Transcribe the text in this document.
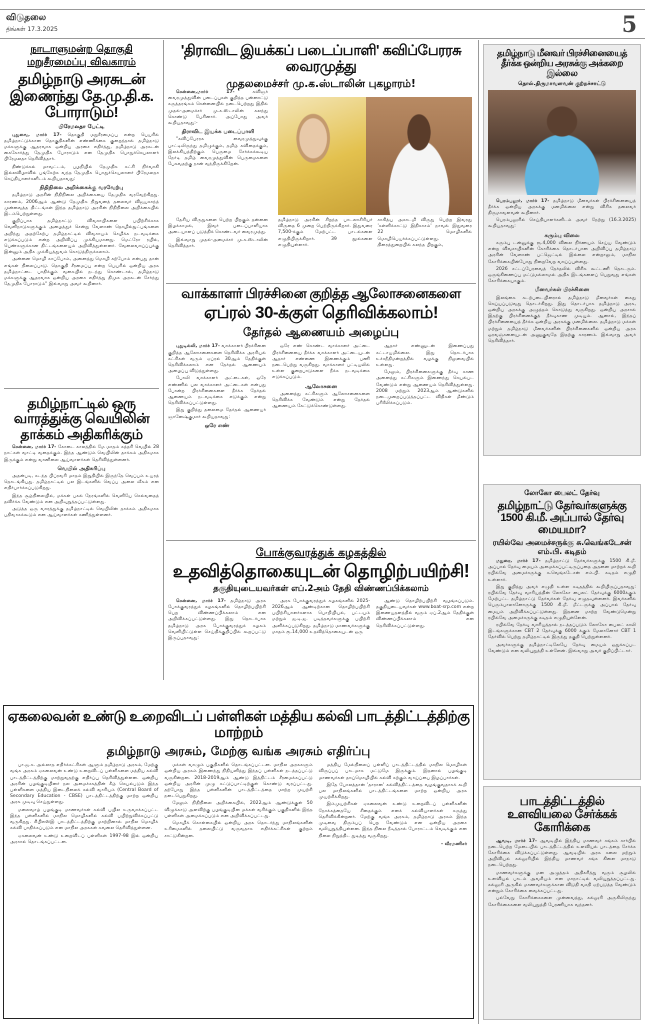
விடுதலை
திங்கள் 17.3.2025	5
நாடாளுமன்ற தொகுதி மறுசீரமைப்பு விவகாரம்
தமிழ்நாடு அரசுடன் இணைந்து தே.மு.தி.க. போராடும்!
பிரேமலதா பேட்டி

புதுவை, மார்ச் 17- தொகுதி மறுசீரமைப்பு என்ற பெயரில் தமிழ்நாட்டுக்கான தொகுதிகளின் எண்ணிக்கை குறைந்தால் தமிழ்நாடு மக்களுக்கு ஆதரவாக ஒன்றிய அரசை எதிர்த்து, தமிழ்நாடு அரசுடன் கைகோர்த்து தேமுதிக போராடும் என தேமுதிக பொதுச்செயலாளர் பிரேமலதா தெரிவித்தார்.

திண்டுக்கல் மாவட்டம், பழநியில் தேமுதிக கட்சி நிர்வாகி இல்லவிழாவில் பங்கேற்க வந்த தேமுதிக பொதுச்செயலாளர் பிரேமலதா செய்தியாளர்களிடம் கூறியதாவது:

நிதிநிலை அறிக்கைக்கு வரவேற்பு

தமிழ்நாடு அரசின் நிதிநிலை அறிக்கையை தேமுதிக வரவேற்கிறது. காரணம், 2006ஆம் ஆண்டு தேமுதிக நிறுவனத் தலைவர் விஜயகாந்த் முன்வைத்த திட்டங்கள் இந்த தமிழ்நாடு அரசின் நிதிநிலை அறிக்கையில் இடம்பெற்றுள்ளது.

குறிப்பாக தமிழ்நாட்டு விவசாயிகளை பயிற்சிக்காக வெளிநாடுகளுக்கும் அழைத்துச் சென்று வேளாண் தொழில்நுட்பங்களை அறிந்து அதற்கேற்ப தமிழ்நாட்டில் விவசாயம் செழிக்க நடவடிக்கை எடுக்கப்படும் என்ற அறிவிப்பு முக்கியமானது. மெட்ரோ ரயில், பெண்களுக்கான திட்டங்களையும் அறிவித்துள்ளனர். வேலைவாய்ப்புக்கு இன்னும் அதிக முக்கியத்துவம் கொடுத்திருக்கலாம்.

அன்னை மொழி காப்போம், அனைத்து மொழி கற்போம் என்பது தான் எங்கள் நிலைப்பாடு. தொகுதி சீரமைப்பு என்ற பெயரில் ஒன்றிய அரசு தமிழ்நாட்டை பாதிக்கும் வகையில் நடந்து கொண்டால், தமிழ்நாடு மக்களுக்கு ஆதரவாக ஒன்றிய அரசை எதிர்த்து திமுக அரசுடன் சேர்ந்து தேமுதிக போராடும்" இவ்வாறு அவர் கூறினார்.

தமிழ்நாட்டில் ஒரு வாரத்துக்கு வெயிலின் தாக்கம் அதிகரிக்கும்

சென்னை, மார்ச் 17- கோடை காலத்தில் மே மாதம் கத்தரி வெயில் 28 நாட்கள் வாட்டி வதைக்கும். இந்த ஆண்டும் வெயிலின் தாக்கம் அதிகமாக இருக்கும் என்று வானிலை ஆய்வாளர்கள் தெரிவித்துள்ளனர்.

வெயில் அதிகரிப்பு

அதன்படி, கடந்த பிப்ரவரி மாதம் இறுதியில் இருந்தே வெப்பம் உயரத் தொடங்கியது. தமிழ்நாட்டில் பல இடங்களில் வெப்ப அலை வீசும் என எதிர்பார்க்கப்படுகிறது.

இந்த சூழ்நிலையில், மக்கள் பகல் நேரங்களில் வெளியே செல்வதைத் தவிர்க்க வேண்டும் என அறிவுறுத்தப்பட்டுள்ளது.

அடுத்த ஒரு வாரத்துக்கு தமிழ்நாட்டில் வெயிலின் தாக்கம் அதிகமாக பதிவாகக்கூடும் என ஆய்வாளர்கள் கணித்துள்ளனர்.

'திராவிட இயக்கப் படைப்பாளி' கவிப்பேரரசு வைரமுத்து
முதலமைச்சர் மு.க.ஸ்டாலின் புகழாரம்!

சென்னை,மார்ச் 17-	கவிஞர் வைரமுத்துவின் படைப்புகள் குறித்த பன்னாட்டு கருத்தரங்கம் சென்னையில் நடைபெற்றது இதில் முதல்-அமைச்சர் மு.க.ஸ்டாலின் கலந்து கொண்டு பேசினார். அப்போது அவர் கூறியதாவது:-

திராவிட இயக்க படைப்பாளி

"கவிப்பேரரசு வைரமுத்துவுக்கு பாட்டிலிருந்து தமிழுக்கும், தமிழ் கவிதைக்கும், இலக்கியத்திற்கும் பெருமை சேர்க்கக்கூடிய நேர்டி தமிழ் வைரமுத்துவின் பெருமைகளை பேசுவதற்கு நான் வந்திருக்கிறேன்.

தமிழ்நாடு அரசின் சிறந்த பாடலாசிரியர் விருதை 6 முறை பெற்றிருக்கிறார். இதுவரை 7,500-க்கும் மேற்பட்ட பாடல்களை எழுதியிருக்கிறார். 39 நூல்களை எழுதியுள்ளார்.
சாகித்ய அகாடமி விருது பெற்ற இவரது 'கள்ளிக்காட்டு இதிகாசம்' நாவல் இதுவரை 22 மொழிகளில் மொழிபெயர்க்கப்பட்டுள்ளது. திரைத்துறையில் கலந்த பிறகும்,

தேசிய விருதுகளை பெற்ற பிறகும் தன்னை இழக்காமல், இவர் படைப்பாளியாக அடையாளப் படுத்திக் கொண்டவர் வைரமுத்து.

இவ்வாறு முதல்-அமைச்சர் மு.க.ஸ்டாலின் தெரிவித்தார்.

வாக்காளர் பிரச்சினை குறித்த ஆலோசனைகளை
ஏப்ரல் 30-க்குள் தெரிவிக்கலாம்!
தேர்தல் ஆணையம் அழைப்பு

புதுடில்லி, மார்ச் 17- வாக்காளர் பிரச்சினை குறித்த ஆலோசனைகளை தெரிவிக்க அரசியல் கட்சிகள் வரும் ஏப்ரல் 30ஆம் தேதிக்குள் தெரிவிக்கலாம் என தேர்தல் ஆணையம் அழைப்பு விடுத்துள்ளது.

போலி வாக்காளர் அட்டைகள், ஒரே எண்ணில் பல வாக்காளர் அட்டைகள் என்பது போன்ற பிரச்சினைகளை தீர்க்க தேர்தல் ஆணையம் நடவடிக்கை எடுக்கும் என்று தெரிவிக்கப்பட்டுள்ளது.

இது குறித்து தலைமை தேர்தல் ஆணையர் ஞானேஷ்குமார் கூறியதாவது:

ஒரே எண்

ஒரே எண் கொண்ட வாக்காளர் அட்டை பிரச்சினையை தீர்க்க வாக்காளர் அட்டையுடன் ஆதார் எண்ணை இணைக்கும் பணி நடைபெற்று வருகிறது. வாக்காளர் பட்டியலில் உள்ள குறைபாடுகளை நீக்க நடவடிக்கை எடுக்கப்படும்.

ஆலோசனை

அனைத்து கட்சிகளும் ஆலோசனைகளை தெரிவிக்க வேண்டும் என்று தேர்தல் ஆணையம் கேட்டுக்கொண்டுள்ளது.

ஆதார் எண்ணுடன் இணைப்பது கட்டாயமில்லை. இது தொடர்பாக உச்சநீதிமன்றத்தில் வழக்கு நிலுவையில் உள்ளது.

மேலும், பிரச்சினைகளுக்கு தீர்வு காண அனைத்து கட்சிகளும் இணைந்து செயல்பட வேண்டும் என்று ஆணையம் தெரிவித்துள்ளது. 2008 மற்றும் 2023ஆம் ஆண்டுகளில் நடைமுறைப்படுத்தப்பட்ட விதிகள் மீண்டும் பரிசீலிக்கப்படும்.

போக்குவரத்துக் கழகத்தில்
உதவித்தொகையுடன் தொழிற்பயிற்சி!
தகுதியுடையவர்கள் எப்.2அம் தேதி விண்ணப்பிக்கலாம்

சென்னை, மார்ச் 17- தமிழ்நாடு அரசு போக்குவரத்துக் கழகங்களில் தொழிற்பயிற்சி பெற விண்ணப்பிக்கலாம் என அறிவிக்கப்பட்டுள்ளது. இது தொடர்பாக தமிழ்நாடு அரசு போக்குவரத்துக் கழகம் வெளியிட்டுள்ள செய்திக்குறிப்பில் கூறப்பட்டு இருப்பதாவது:

அரசு போக்குவரத்துக் கழகங்களில் 2025-2026ஆம் ஆண்டிற்கான தொழிற்பயிற்சி பயிற்சியாளர்களாக பொறியியல், பட்டயம் மற்றும் ஐ.டி.ஐ. படித்தவர்களுக்கு பயிற்சி அளிக்கப்படுகிறது. தமிழ்நாடு மாணவர்களுக்கு மாதம் ரூ.14,000 உதவித்தொகையுடன் ஒரு

ஆண்டு தொழிற்பயிற்சி வழங்கப்படும். தகுதியுடையவர்கள் www.boat-srp.com என்ற இணையதளத்தில் வரும் ஏப்.2ஆம் தேதிக்குள் விண்ணப்பிக்கலாம் என தெரிவிக்கப்பட்டுள்ளது.

ஏகலைவன் உண்டு உறைவிடப் பள்ளிகள் மத்திய கல்வி பாடத்திட்டத்திற்கு மாற்றம்
தமிழ்நாடு அரசும், மேற்கு வங்க அரசும் எதிர்ப்பு

பா.ஜ.க. அல்லாத எதிர்க்கட்சிகள் ஆளும் தமிழ்நாடு அரசும், மேற்கு வங்க அரசும் ஏகலைவன் உண்டு உறைவிடப் பள்ளிகளை மத்திய கல்வி பாடத்திட்டத்திற்கு மாற்றுவதற்கு எதிர்ப்பு தெரிவித்துள்ளன. ஒன்றிய அரசின் பழங்குடியினர் நல அமைச்சகத்தின் கீழ் செயல்படும் இந்த பள்ளிகளை மத்திய இடைநிலைக் கல்வி வாரியம் (Central Board of Secondary Education - CBSE) பாடத்திட்டத்திற்கு மாற்ற ஒன்றிய அரசு முடிவு செய்துள்ளது.

மலைவாழ் பழங்குடி மாணவர்கள் கல்வி பயில உருவாக்கப்பட்ட இந்த பள்ளிகளில் மாநில மொழிகளில் கல்வி பயிற்றுவிக்கப்பட்டு வருகிறது. சிபிஎஸ்இ பாடத்திட்டத்திற்கு மாற்றினால் மாநில மொழிக் கல்வி பாதிக்கப்படும் என மாநில அரசுகள் கவலை தெரிவித்துள்ளன.

ஏகலைவன் உண்டு உறைவிடப் பள்ளிகள் 1997-98 இல் ஒன்றிய அரசால் தொடங்கப்பட்டன.

மக்கள் வாழும் பகுதிகளில் தொடங்கப்பட்டன. மாநில அரசுகளும் ஒன்றிய அரசும் இணைந்து நிதியளித்து இந்தப் பள்ளிகள் நடத்தப்பட்டு வருகின்றன. 2018-2019ஆம் ஆண்டு இத்திட்டம் சீரமைக்கப்பட்டு ஒன்றிய அரசின் முழு கட்டுப்பாட்டிற்குள் கொண்டு வரப்பட்டது. தற்போது இந்த பள்ளிகளின் பாடத்திட்டத்தை மாற்ற முயற்சி நடைபெறுகிறது.

மேலும் நிதிநிலை அறிக்கையில், 2022ஆம் ஆண்டுக்குள் 50 விழுக்காடு அளவிற்கு பழங்குடியின மக்கள் வசிக்கும் பகுதிகளில் இந்த பள்ளிகள் அமைக்கப்படும் என அறிவிக்கப்பட்டது.

மொழிக் கொள்கையில் ஒன்றிய அரசு தொடர்ந்து மாநிலங்களின் உரிமைகளில் தலையிட்டு வருவதாக எதிர்க்கட்சிகள் குற்றம் சாட்டுகின்றன.

மத்திய மேல்நிலைப் பள்ளிப் பாடத்திட்டத்தில் மாநில மொழிகள் விருப்பப் பாடமாக மட்டுமே இருக்கும். இதனால் பழங்குடி மாணவர்கள் தாய்மொழியில் கல்வி கற்கும் வாய்ப்பை இழப்பார்கள்.

இதே போலத்தான் 'தாரான' கல்வித்திட்டத்தை வழங்குவதாகக் கூறி பல மாநிலங்களில் பாடத்திட்டங்களை மாற்ற ஒன்றிய அரசு முயற்சிக்கிறது.

இம்முயற்சிகள் ஏகலைவன் உண்டு உறைவிடப் பள்ளிகளின் நோக்கத்தையே சிதைக்கும் எனக் கல்வியாளர்கள் கருத்து தெரிவிக்கின்றனர். மேற்கு வங்க அரசும், தமிழ்நாடு அரசும் இந்த முடிவை திரும்பப் பெற வேண்டும் என ஒன்றிய அரசை வலியுறுத்தியுள்ளன. இந்த நிலை நீடித்தால் போராட்டம் வெடிக்கும் என நிலை நிறுத்திட துடித்து வருகிறது.

– வீரமணிசர்
தமிழ்நாடு மீனவர் பிரச்சினையைத் தீர்க்க ஒன்றிய அரசுக்கு அக்கறை இல்லை
தொல்.திருமாவளவன் குற்றச்சாட்டு

பெரம்பலூர், மார்ச் 17- தமிழ்நாடு மீனவர்கள் பிரச்சினையைத் தீர்க்க ஒன்றிய அரசுக்கு மனமில்லை என்று விசிக தலைவர் திருமாவளவன் கூறினார்.

பெரம்பலூரில் செய்தியாளர்களிடம் அவர் நேற்று (16.3.2025) கூறியதாவது:

கரும்பு விலை

கரும்பு டன்னுக்கு ரூ.4,000 விலை நிர்ணயம் செய்ய வேண்டும் என்ற விவசாயிகளின் கோரிக்கை தொடர்பான அறிவிப்பு தமிழ்நாடு அரசின் வேளாண் பட்ஜெட்டில் இல்லை என்றாலும், மாநில கோரிக்கையின்போது நிறைவேற வாய்ப்புள்ளது.

2026 சட்டப்பேரவைத் தேர்தலில் விசிக கூட்டணி தொடரும். ஒருங்கிணைப்பு மட்டுமல்லாமல் அதிக இடங்களைப் பெறுவது எங்கள் கோரிக்கையாகும்.

மீனவர்கள் பிரச்சினை

இலங்கை கடற்படையினரால் தமிழ்நாடு மீனவர்கள் கைது செய்யப்படுவது தொடர்கிறது. இது தொடர்பாக தமிழ்நாடு அரசு, ஒன்றிய அரசுக்கு அழுத்தம் கொடுத்து வருகிறது. ஒன்றிய அரசால் இதற்கு பிரச்சினைக்குத் தீர்வுகாண முடியும். ஆனால், இந்தப் பிரச்சினையைத் தீர்க்க ஒன்றிய அரசுக்கு மனமில்லை. தமிழ்நாடு மக்கள் மற்றும் தமிழ்நாடு மீனவர்களின் பிரச்சினைகளில் ஒன்றிய அரசு ஓரவஞ்சனையுடன் அணுகுவதே இதற்கு காரணம். இவ்வாறு அவர் தெரிவித்தார்.

லோகோ பைலட் தேர்வு
தமிழ்நாட்டு தேர்வர்களுக்கு 1500 கி.மீ. அப்பால் தேர்வு மையமா?
ரயில்வே அமைச்சருக்கு சு.வெங்கடேசன் எம்.பி. கடிதம்

மதுரை, மார்ச் 17- தமிழ்நாட்டு தேர்வர்களுக்கு 1500 கி.மீ. அப்பால் தேர்வு மையம் அமைக்கப்பட்டிருப்பதை அதனை மாற்றக் கூறி ரயில்வே அமைச்சருக்கு சு.வெங்கடேசன் எம்.பி. கடிதம் எழுதி உள்ளார்.

இது குறித்து அவர் எழுதி உள்ள கடிதத்தில் கூறியிருப்பதாவது: ரயில்வே தேர்வு வாரியத்தின் லோகோ பைலட் தேர்வுக்கு 6000க்கும் மேற்பட்ட தமிழ்நாட்டு தேர்வர்கள் தேர்வு எழுதவுள்ளனர். இவர்களில் பெரும்பாலானோருக்கு 1500 கி.மீ. மீட்டருக்கு அப்பால் தேர்வு மையம் அறிவிக்கப்பட்டுள்ளது. இதனை மாற்ற வேண்டுமென்று ரயில்வே அமைச்சருக்கு கடிதம் எழுதியுள்ளேன்.

ரயில்வே தேர்வு வாரியத்தால் நடத்தப்படும் லோகோ பைலட் காலி இடங்களுக்கான CBT 2 தேர்வுக்கு 6000 க்கும் மேலானோர் CBT 1 தேர்வில் பெற்று தமிழ்நாட்டில் இருந்து தகுதி பெற்றுள்ளனர்.

அவர்களுக்கு தமிழ்நாட்டிலேயே தேர்வு மையம் ஒதுக்கப்பட வேண்டும் என வலியுறுத்தி உள்ளேன். இவ்வாறு அவர் குறிப்பிட்டார்.

பாடத்திட்டத்தில் உளவியலை சேர்க்கக் கோரிக்கை

ஆவடி, மார்ச் 17- ஆவடியில் இந்திய மாணவர் சங்கம் சார்பில் நடைபெற்ற மேடையில் பாடத்திட்டத்தில் உளவியல் பாடத்தை சேர்க்க கோரிக்கை விடுக்கப்பட்டுள்ளது. ஆவடியில் அரசு கலை மற்றும் அறிவியல் கல்லூரியில் இந்திய மாணவர் சங்க கிளை மாநாடு நடைபெற்றது.

மாணவர்களுக்கு மன அழுத்தம் அதிகரித்து வரும் சூழலில் உளவியல் பாடம் அவசியம் என மாநாட்டில் வலியுறுத்தப்பட்டது. கல்லூரி அருகில் மாணவர்களுக்கான விடுதி வசதி ஏற்படுத்த வேண்டும் என்றும் கோரிக்கை வைக்கப்பட்டது.

பல்வேறு கோரிக்கைகளை முன்வைத்து, கல்லூரி அருகிலிருந்து கோரிக்கைகளை வலியுறுத்தி பேரணியாக வந்தனர்.
